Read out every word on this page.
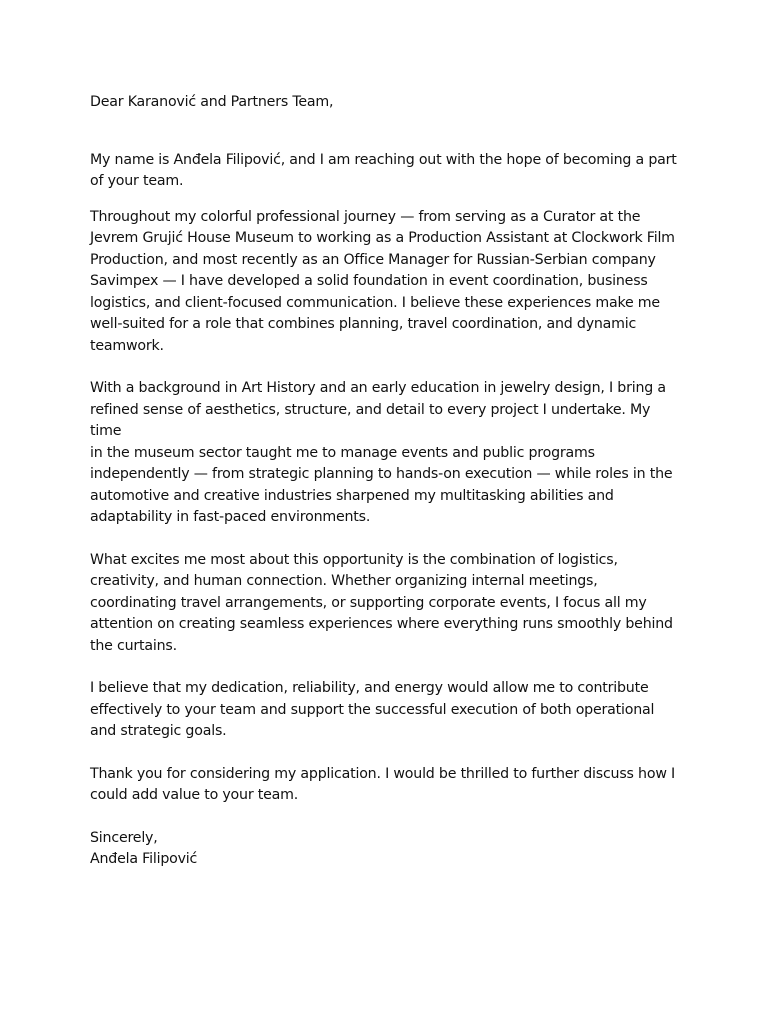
Dear Karanović and Partners Team,

My name is Anđela Filipović, and I am reaching out with the hope of becoming a part
of your team.

Throughout my colorful professional journey — from serving as a Curator at the
Jevrem Grujić House Museum to working as a Production Assistant at Clockwork Film
Production, and most recently as an Office Manager for Russian-Serbian company
Savimpex — I have developed a solid foundation in event coordination, business
logistics, and client-focused communication. I believe these experiences make me
well-suited for a role that combines planning, travel coordination, and dynamic
teamwork.

With a background in Art History and an early education in jewelry design, I bring a
refined sense of aesthetics, structure, and detail to every project I undertake. My time
in the museum sector taught me to manage events and public programs
independently — from strategic planning to hands-on execution — while roles in the
automotive and creative industries sharpened my multitasking abilities and
adaptability in fast-paced environments.

What excites me most about this opportunity is the combination of logistics,
creativity, and human connection. Whether organizing internal meetings,
coordinating travel arrangements, or supporting corporate events, I focus all my
attention on creating seamless experiences where everything runs smoothly behind
the curtains.

I believe that my dedication, reliability, and energy would allow me to contribute
effectively to your team and support the successful execution of both operational
and strategic goals.

Thank you for considering my application. I would be thrilled to further discuss how I
could add value to your team.

Sincerely,

Anđela Filipović
